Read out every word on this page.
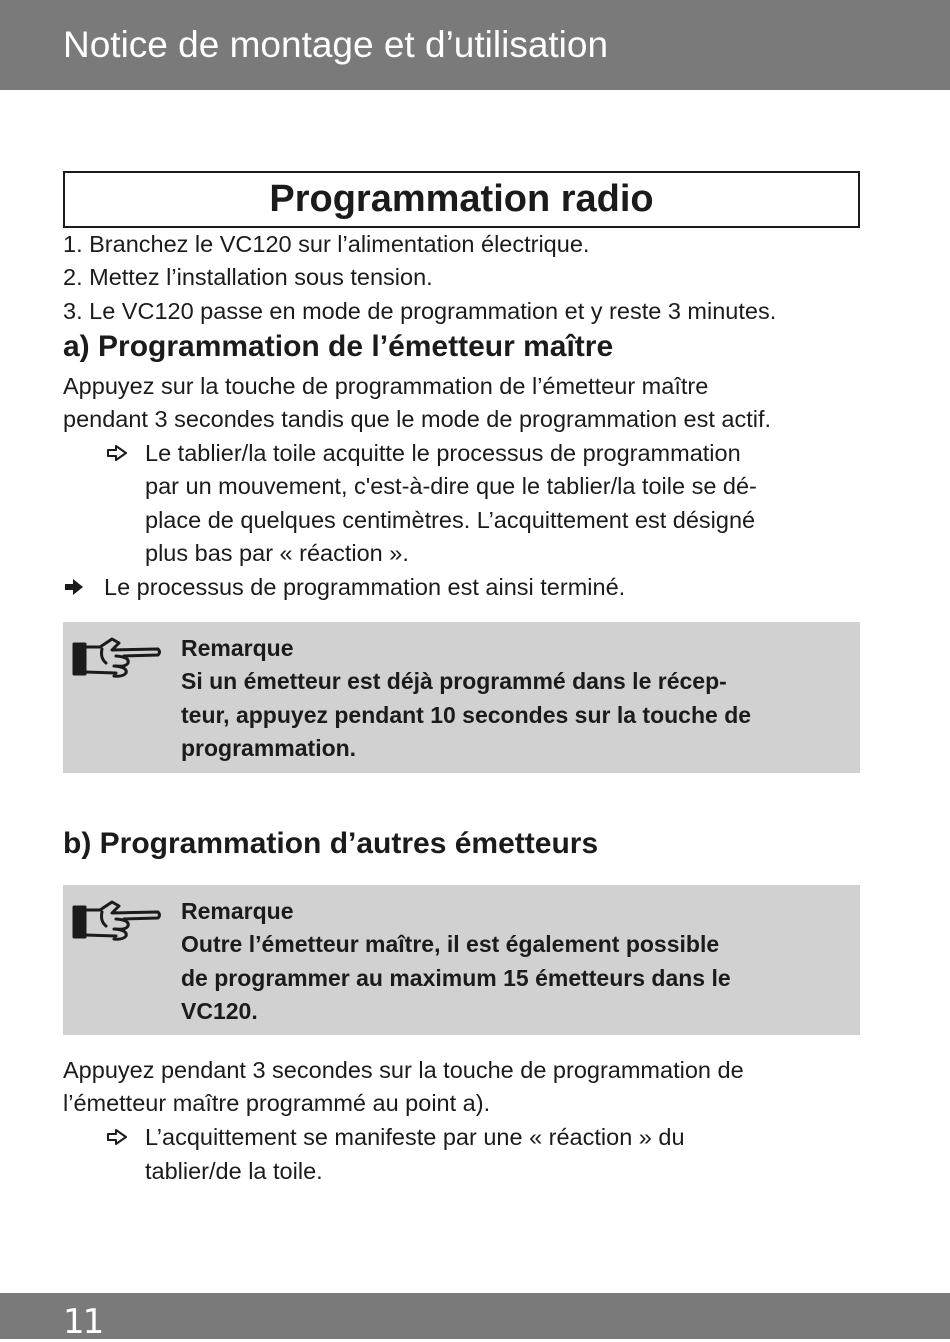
Notice de montage et d’utilisation
Programmation radio
1. Branchez le VC120 sur l’alimentation électrique.
2. Mettez l’installation sous tension.
3. Le VC120 passe en mode de programmation et y reste 3 minutes.
a) Programmation de l’émetteur maître
Appuyez sur la touche de programmation de l’émetteur maître
pendant 3 secondes tandis que le mode de programmation est actif.
Le tablier/la toile acquitte le processus de programmation
par un mouvement, c'est-à-dire que le tablier/la toile se dé-
place de quelques centimètres. L’acquittement est désigné
plus bas par « réaction ».
Le processus de programmation est ainsi terminé.
Remarque
Si un émetteur est déjà programmé dans le récep-
teur, appuyez pendant 10 secondes sur la touche de
programmation.
b) Programmation d’autres émetteurs
Remarque
Outre l’émetteur maître, il est également possible
de programmer au maximum 15 émetteurs dans le
VC120.
Appuyez pendant 3 secondes sur la touche de programmation de
l’émetteur maître programmé au point a).
L’acquittement se manifeste par une « réaction » du
tablier/de la toile.
11
